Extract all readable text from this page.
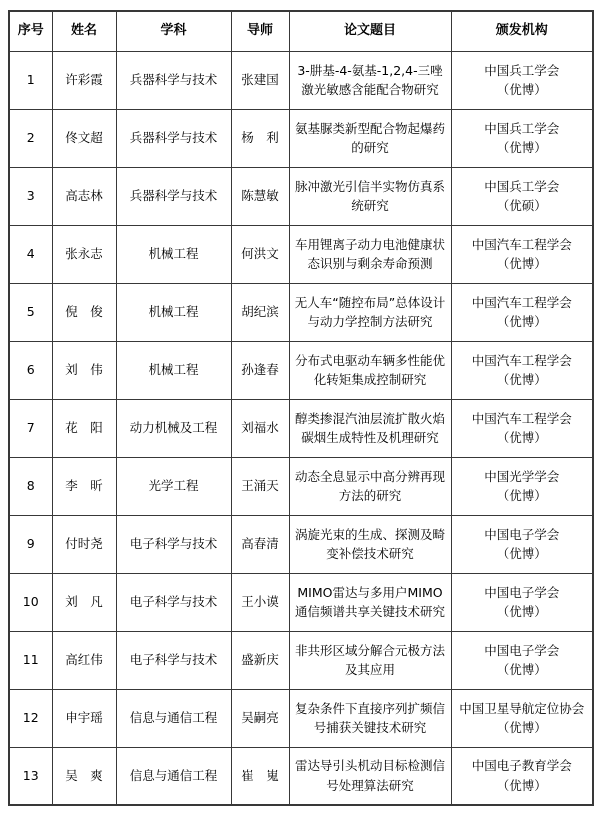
序号	姓名	学科	导师	论文题目	颁发机构
1	许彩霞	兵器科学与技术	张建国	3-肼基-4-氨基-1,2,4-三唑激光敏感含能配合物研究	中国兵工学会
（优博）

2	佟文超	兵器科学与技术	杨　利	氨基脲类新型配合物起爆药的研究	中国兵工学会
（优博）

3	高志林	兵器科学与技术	陈慧敏	脉冲激光引信半实物仿真系统研究	中国兵工学会
（优硕）

4	张永志	机械工程	何洪文	车用锂离子动力电池健康状态识别与剩余寿命预测	中国汽车工程学会
（优博）

5	倪　俊	机械工程	胡纪滨	无人车“随控布局”总体设计与动力学控制方法研究	中国汽车工程学会
（优博）

6	刘　伟	机械工程	孙逢春	分布式电驱动车辆多性能优化转矩集成控制研究	中国汽车工程学会
（优博）

7	花　阳	动力机械及工程	刘福水	醇类掺混汽油层流扩散火焰碳烟生成特性及机理研究	中国汽车工程学会
（优博）

8	李　昕	光学工程	王涌天	动态全息显示中高分辨再现方法的研究	中国光学学会
（优博）

9	付时尧	电子科学与技术	高春清	涡旋光束的生成、探测及畸变补偿技术研究	中国电子学会
（优博）

10	刘　凡	电子科学与技术	王小谟	MIMO雷达与多用户MIMO通信频谱共享关键技术研究	中国电子学会
（优博）

11	高红伟	电子科学与技术	盛新庆	非共形区域分解合元极方法及其应用	中国电子学会
（优博）

12	申宇瑶	信息与通信工程	吴嗣亮	复杂条件下直接序列扩频信号捕获关键技术研究	中国卫星导航定位协会
（优博）

13	吴　爽	信息与通信工程	崔　嵬	雷达导引头机动目标检测信号处理算法研究	中国电子教育学会
（优博）
